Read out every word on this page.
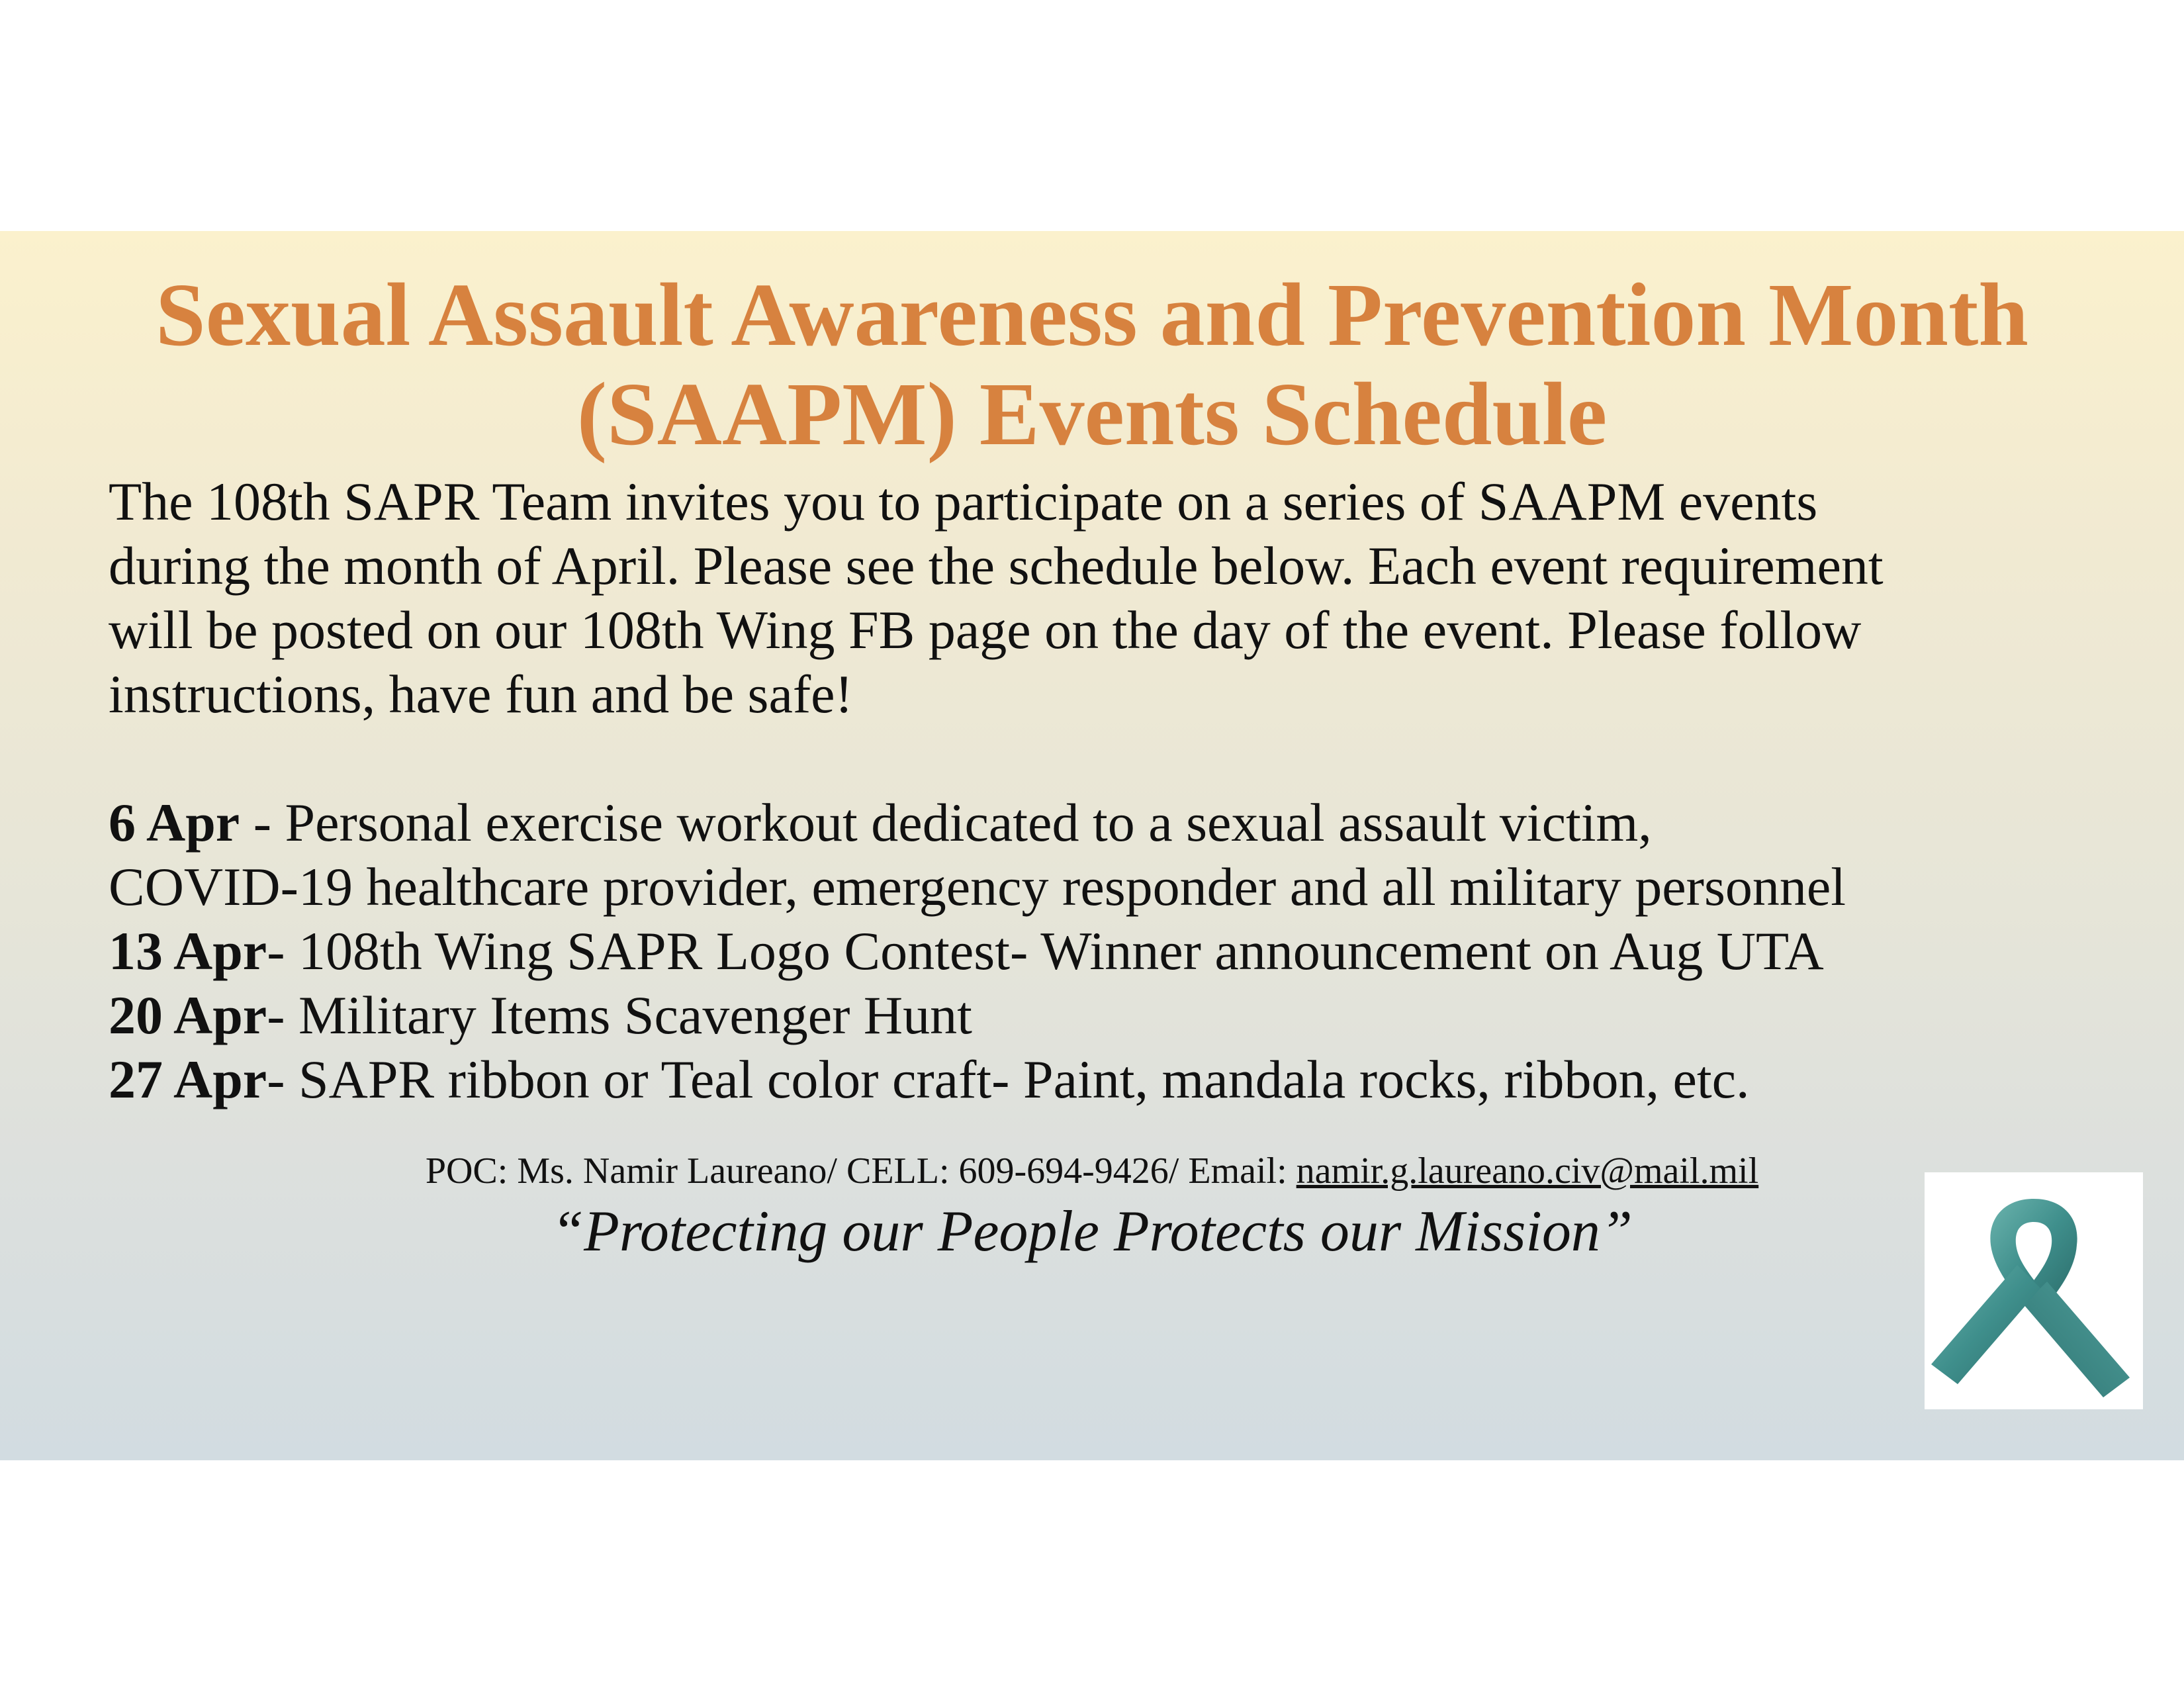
Sexual Assault Awareness and Prevention Month
(SAAPM) Events Schedule
The 108th SAPR Team invites you to participate on a series of SAAPM events
during the month of April. Please see the schedule below. Each event requirement
will be posted on our 108th Wing FB page on the day of the event. Please follow
instructions, have fun and be safe!
6 Apr - Personal exercise workout dedicated to a sexual assault victim,
COVID-19 healthcare provider, emergency responder and all military personnel
13 Apr- 108th Wing SAPR Logo Contest- Winner announcement on Aug UTA
20 Apr- Military Items Scavenger Hunt
27 Apr- SAPR ribbon or Teal color craft- Paint, mandala rocks, ribbon, etc.
POC: Ms. Namir Laureano/ CELL: 609-694-9426/ Email: namir.g.laureano.civ@mail.mil
“Protecting our People Protects our Mission”
